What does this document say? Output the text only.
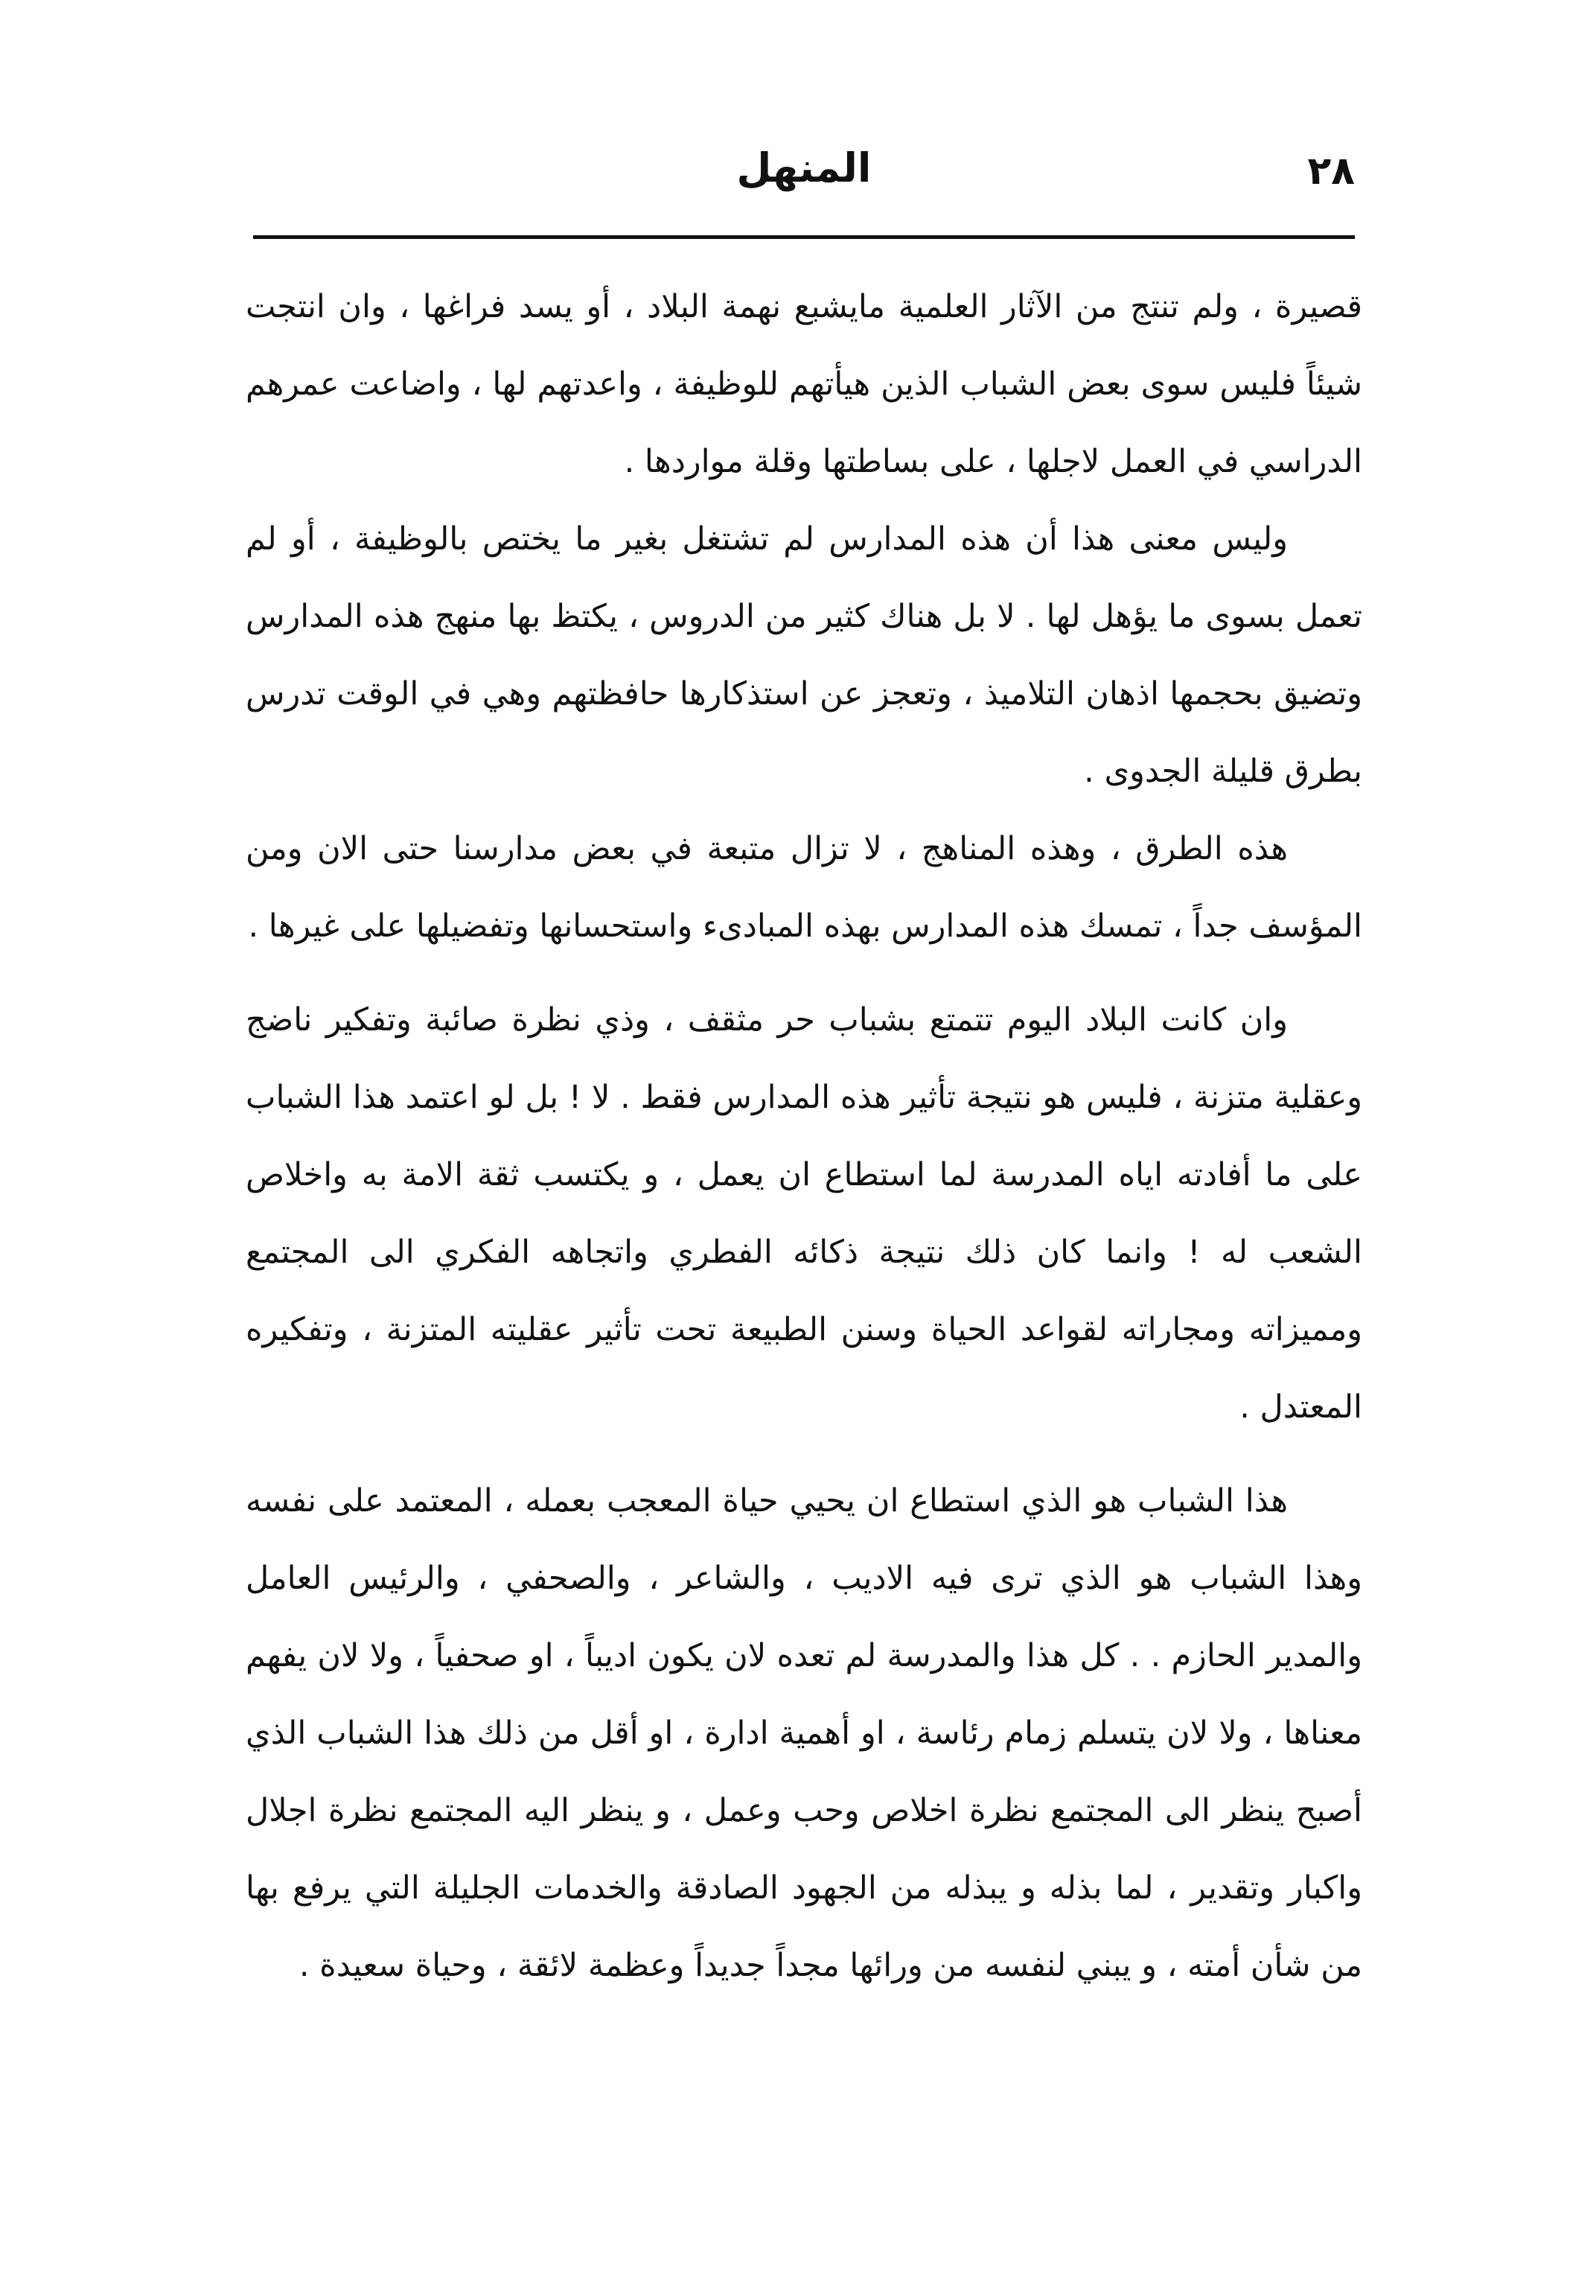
٢٨
المنهل

قصيرة ، ولم تنتج من الآثار العلمية مايشبع نهمة البلاد ، أو يسد فراغها ، وان انتجت شيئاً فليس سوى بعض الشباب الذين هيأتهم للوظيفة ، واعدتهم لها ، واضاعت عمرهم الدراسي في العمل لاجلها ، على بساطتها وقلة مواردها .

وليس معنى هذا أن هذه المدارس لم تشتغل بغير ما يختص بالوظيفة ، أو لم تعمل بسوى ما يؤهل لها . لا بل هناك كثير من الدروس ، يكتظ بها منهج هذه المدارس وتضيق بحجمها اذهان التلاميذ ، وتعجز عن استذكارها حافظتهم وهي في الوقت تدرس بطرق قليلة الجدوى .

هذه الطرق ، وهذه المناهج ، لا تزال متبعة في بعض مدارسنا حتى الان ومن المؤسف جداً ، تمسك هذه المدارس بهذه المبادىء واستحسانها وتفضيلها على غيرها .

وان كانت البلاد اليوم تتمتع بشباب حر مثقف ، وذي نظرة صائبة وتفكير ناضج وعقلية متزنة ، فليس هو نتيجة تأثير هذه المدارس فقط . لا ! بل لو اعتمد هذا الشباب على ما أفادته اياه المدرسة لما استطاع ان يعمل ، و يكتسب ثقة الامة به واخلاص الشعب له ! وانما كان ذلك نتيجة ذكائه الفطري واتجاهه الفكري الى المجتمع ومميزاته ومجاراته لقواعد الحياة وسنن الطبيعة تحت تأثير عقليته المتزنة ، وتفكيره المعتدل .

هذا الشباب هو الذي استطاع ان يحيي حياة المعجب بعمله ، المعتمد على نفسه وهذا الشباب هو الذي ترى فيه الاديب ، والشاعر ، والصحفي ، والرئيس العامل والمدير الحازم . . كل هذا والمدرسة لم تعده لان يكون اديباً ، او صحفياً ، ولا لان يفهم معناها ، ولا لان يتسلم زمام رئاسة ، او أهمية ادارة ، او أقل من ذلك هذا الشباب الذي أصبح ينظر الى المجتمع نظرة اخلاص وحب وعمل ، و ينظر اليه المجتمع نظرة اجلال واكبار وتقدير ، لما بذله و يبذله من الجهود الصادقة والخدمات الجليلة التي يرفع بها من شأن أمته ، و يبني لنفسه من ورائها مجداً جديداً وعظمة لائقة ، وحياة سعيدة .
